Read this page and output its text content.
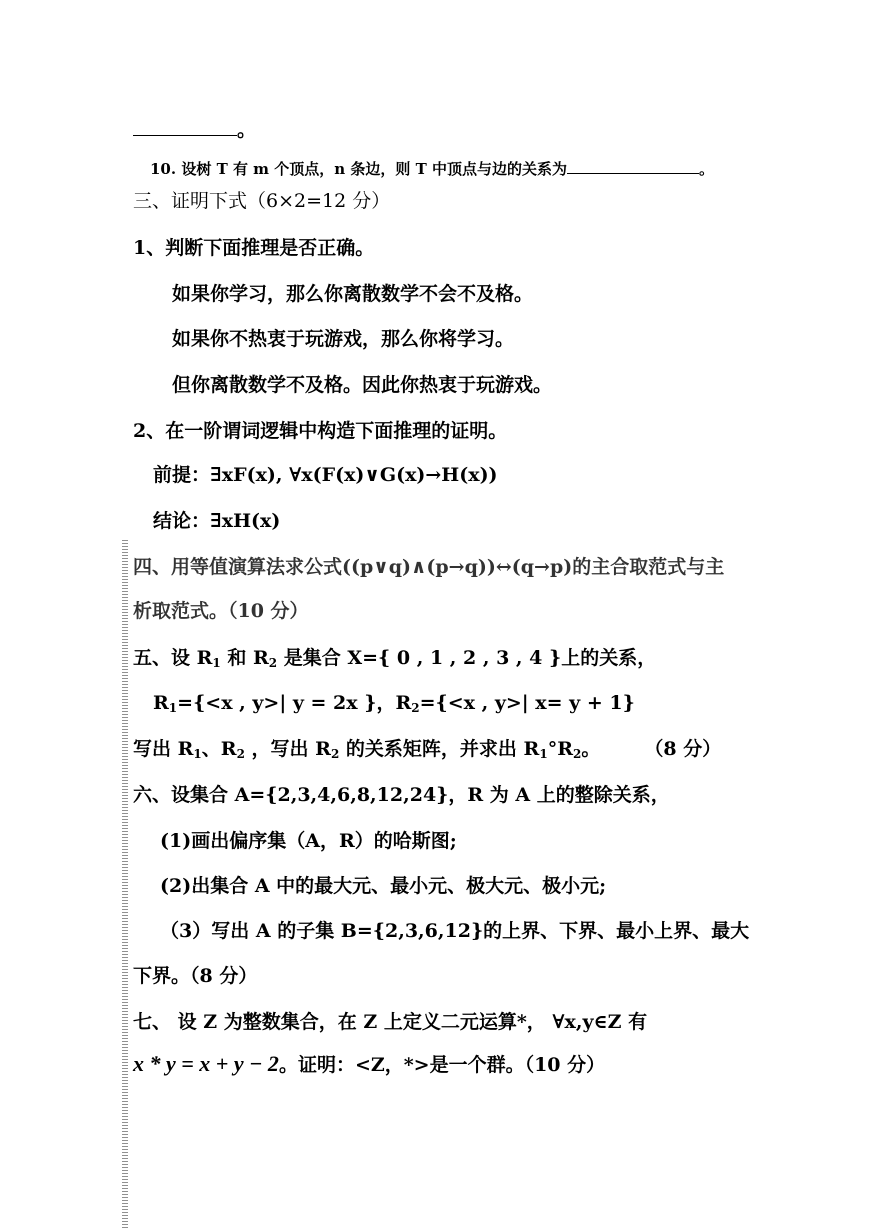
。
10. 设树 T 有 m 个顶点，n 条边，则 T 中顶点与边的关系为	。
三、证明下式（6×2=12 分）
1、判断下面推理是否正确。
如果你学习，那么你离散数学不会不及格。
如果你不热衷于玩游戏，那么你将学习。
但你离散数学不及格。因此你热衷于玩游戏。
2、在一阶谓词逻辑中构造下面推理的证明。
前提：∃xF(x), ∀x(F(x)∨G(x)→H(x))
结论：∃xH(x)
四、用等值演算法求公式((p∨q)∧(p→q))↔(q→p)的主合取范式与主
析取范式。（10 分）
五、设 $R_1$ 和 $R_2$ 是集合 X={ 0 , 1 , 2 , 3 , 4 }上的关系，
$R_1=\{<x$ , y>| y = 2x }，$R_2=\{<x$ , y>| x= y + 1}
写出 $R_1$、$R_2$ ，写出 $R_2$ 的关系矩阵，并求出 $R_1^\circ R_2$。 （8 分）
六、设集合 A={2,3,4,6,8,12,24}，R 为 A 上的整除关系，
(1)画出偏序集（A，R）的哈斯图;
(2)出集合 A 中的最大元、最小元、极大元、极小元;
（3）写出 A 的子集 B={2,3,6,12}的上界、下界、最小上界、最大
下界。（8 分）
七、 设 Z 为整数集合，在 Z 上定义二元运算*， ∀x,y∈Z 有
x * y = x + y − 2。证明：<Z，*>是一个群。（10 分）
